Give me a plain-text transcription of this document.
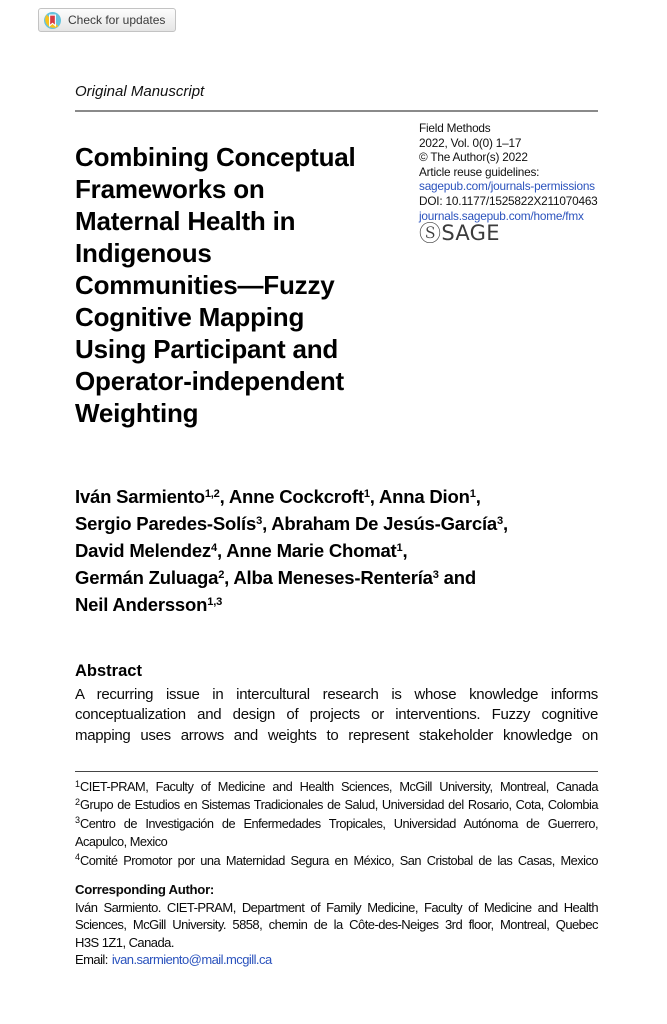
Check for updates
Original Manuscript
Combining Conceptual
Frameworks on
Maternal Health in
Indigenous
Communities—Fuzzy
Cognitive Mapping
Using Participant and
Operator-independent
Weighting
Field Methods
2022, Vol. 0(0) 1–17
© The Author(s) 2022
Article reuse guidelines:
sagepub.com/journals-permissions
DOI: 10.1177/1525822X211070463
journals.sagepub.com/home/fmx
ⓈSAGE
Iván Sarmiento$^{1,2}$, Anne Cockcroft$^1$, Anna Dion$^1$,
Sergio Paredes-Solís$^3$, Abraham De Jesús-García$^3$,
David Melendez$^4$, Anne Marie Chomat$^1$,
Germán Zuluaga$^2$, Alba Meneses-Rentería$^3$ and
Neil Andersson$^{1,3}$
Abstract
A recurring issue in intercultural research is whose knowledge informs
conceptualization and design of projects or interventions. Fuzzy cognitive
mapping uses arrows and weights to represent stakeholder knowledge on
$^1$CIET-PRAM, Faculty of Medicine and Health Sciences, McGill University, Montreal, Canada
$^2$Grupo de Estudios en Sistemas Tradicionales de Salud, Universidad del Rosario, Cota, Colombia
$^3$Centro de Investigación de Enfermedades Tropicales, Universidad Autónoma de Guerrero,
Acapulco, Mexico
$^4$Comité Promotor por una Maternidad Segura en México, San Cristobal de las Casas, Mexico
Corresponding Author:
Iván Sarmiento. CIET-PRAM, Department of Family Medicine, Faculty of Medicine and Health
Sciences, McGill University. 5858, chemin de la Côte-des-Neiges 3rd floor, Montreal, Quebec
H3S 1Z1, Canada.
Email: ivan.sarmiento@mail.mcgill.ca
